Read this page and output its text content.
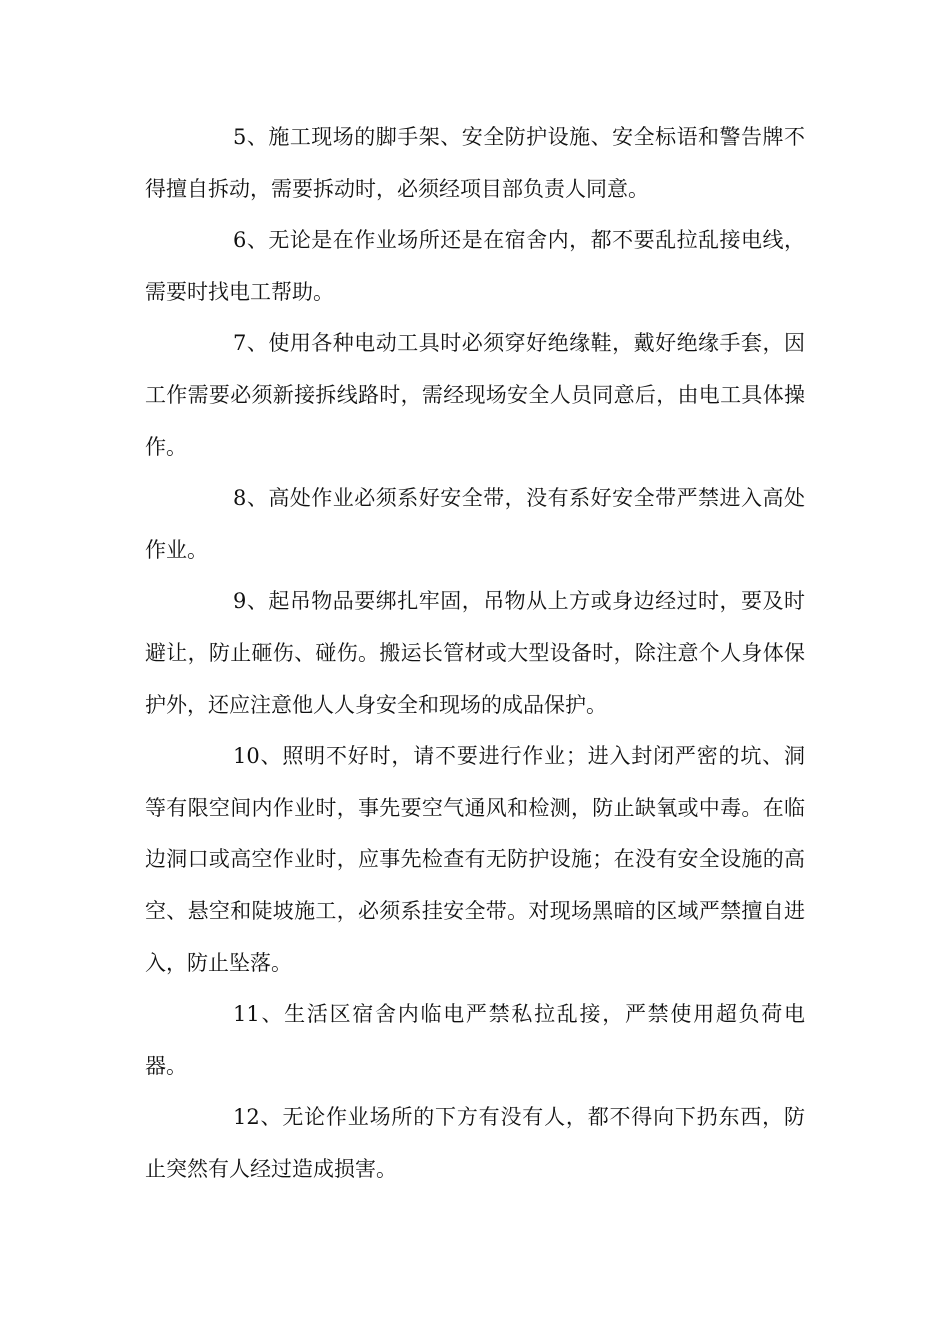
5、施工现场的脚手架、安全防护设施、安全标语和警告牌不得擅自拆动，需要拆动时，必须经项目部负责人同意。

6、无论是在作业场所还是在宿舍内，都不要乱拉乱接电线，需要时找电工帮助。

7、使用各种电动工具时必须穿好绝缘鞋，戴好绝缘手套，因工作需要必须新接拆线路时，需经现场安全人员同意后，由电工具体操作。

8、高处作业必须系好安全带，没有系好安全带严禁进入高处作业。

9、起吊物品要绑扎牢固，吊物从上方或身边经过时，要及时避让，防止砸伤、碰伤。搬运长管材或大型设备时，除注意个人身体保护外，还应注意他人人身安全和现场的成品保护。

10、照明不好时，请不要进行作业；进入封闭严密的坑、洞等有限空间内作业时，事先要空气通风和检测，防止缺氧或中毒。在临边洞口或高空作业时，应事先检查有无防护设施；在没有安全设施的高空、悬空和陡坡施工，必须系挂安全带。对现场黑暗的区域严禁擅自进入，防止坠落。

11、生活区宿舍内临电严禁私拉乱接，严禁使用超负荷电器。

12、无论作业场所的下方有没有人，都不得向下扔东西，防止突然有人经过造成损害。
